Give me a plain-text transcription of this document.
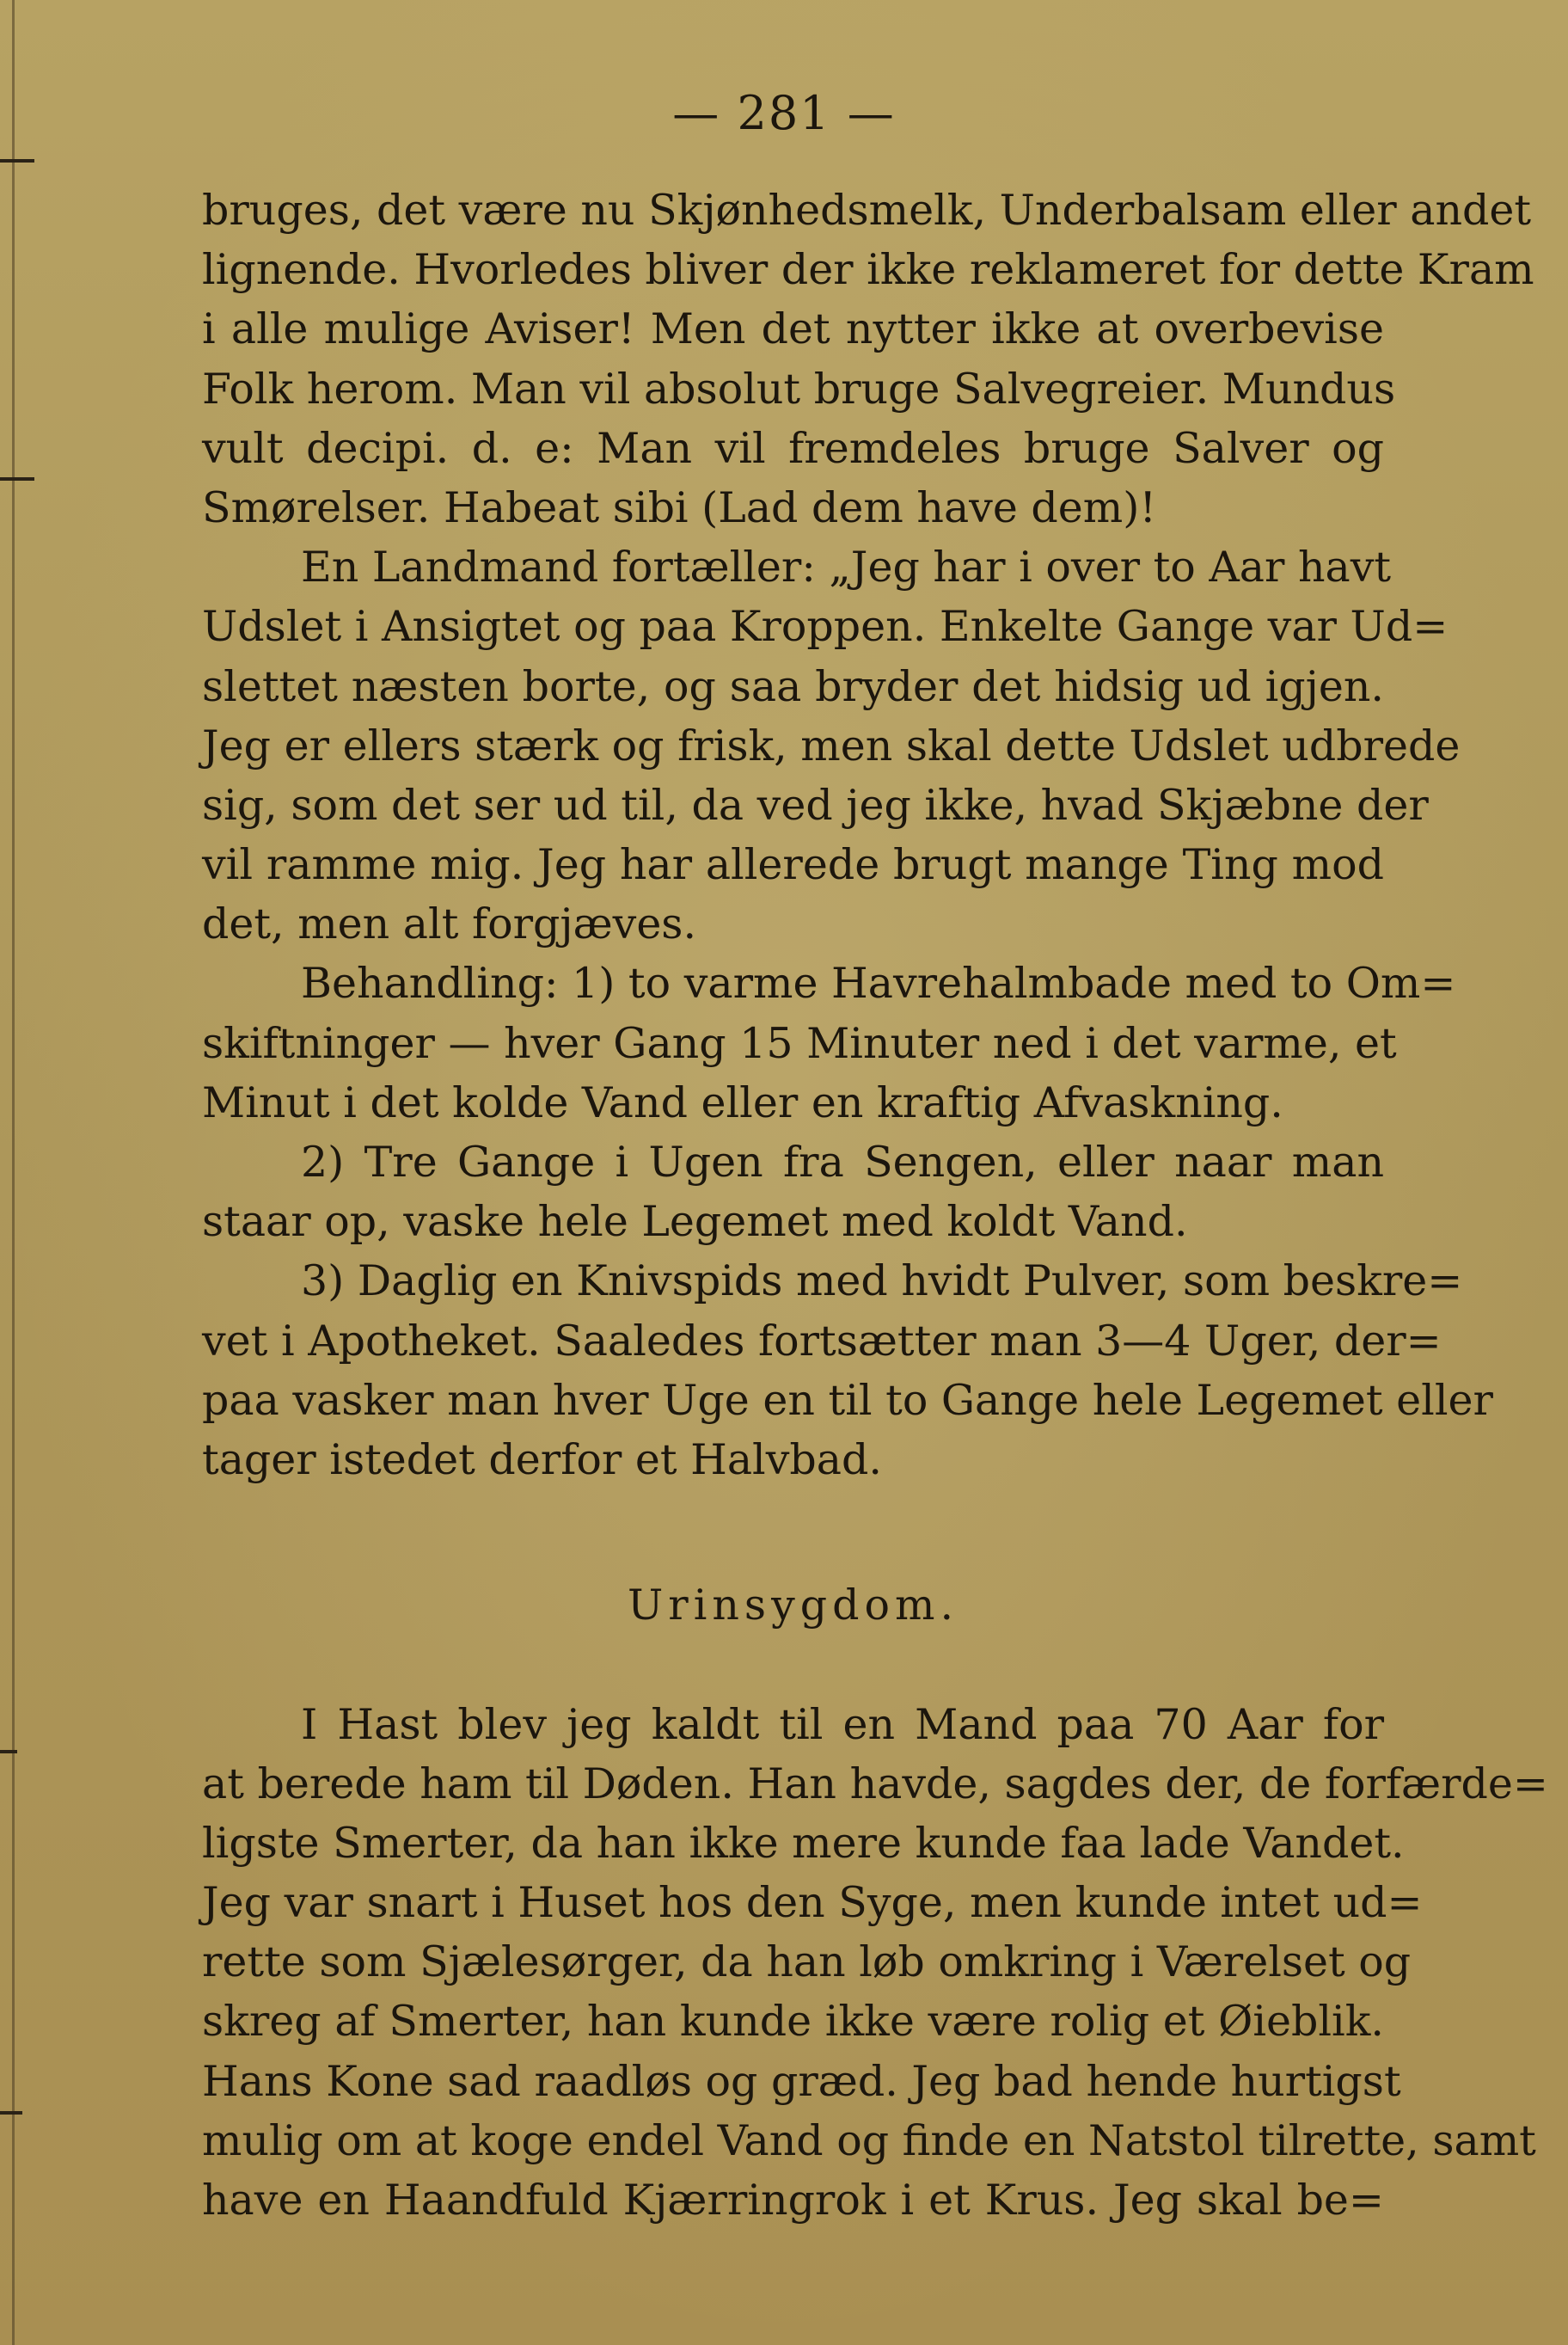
— 281 —
bruges, det være nu Skjønhedsmelk, Underbalsam eller andet
lignende. Hvorledes bliver der ikke reklameret for dette Kram
i alle mulige Aviser! Men det nytter ikke at overbevise
Folk herom. Man vil absolut bruge Salvegreier. Mundus
vult decipi. d. e: Man vil fremdeles bruge Salver og
Smørelser. Habeat sibi (Lad dem have dem)!
En Landmand fortæller: „Jeg har i over to Aar havt
Udslet i Ansigtet og paa Kroppen. Enkelte Gange var Ud=
slettet næsten borte, og saa bryder det hidsig ud igjen.
Jeg er ellers stærk og frisk, men skal dette Udslet udbrede
sig, som det ser ud til, da ved jeg ikke, hvad Skjæbne der
vil ramme mig. Jeg har allerede brugt mange Ting mod
det, men alt forgjæves.
Behandling: 1) to varme Havrehalmbade med to Om=
skiftninger — hver Gang 15 Minuter ned i det varme, et
Minut i det kolde Vand eller en kraftig Afvaskning.
2) Tre Gange i Ugen fra Sengen, eller naar man
staar op, vaske hele Legemet med koldt Vand.
3) Daglig en Knivspids med hvidt Pulver, som beskre=
vet i Apotheket. Saaledes fortsætter man 3—4 Uger, der=
paa vasker man hver Uge en til to Gange hele Legemet eller
tager istedet derfor et Halvbad.
Urinsygdom.
I Hast blev jeg kaldt til en Mand paa 70 Aar for
at berede ham til Døden. Han havde, sagdes der, de forfærde=
ligste Smerter, da han ikke mere kunde faa lade Vandet.
Jeg var snart i Huset hos den Syge, men kunde intet ud=
rette som Sjælesørger, da han løb omkring i Værelset og
skreg af Smerter, han kunde ikke være rolig et Øieblik.
Hans Kone sad raadløs og græd. Jeg bad hende hurtigst
mulig om at koge endel Vand og finde en Natstol tilrette, samt
have en Haandfuld Kjærringrok i et Krus. Jeg skal be=
